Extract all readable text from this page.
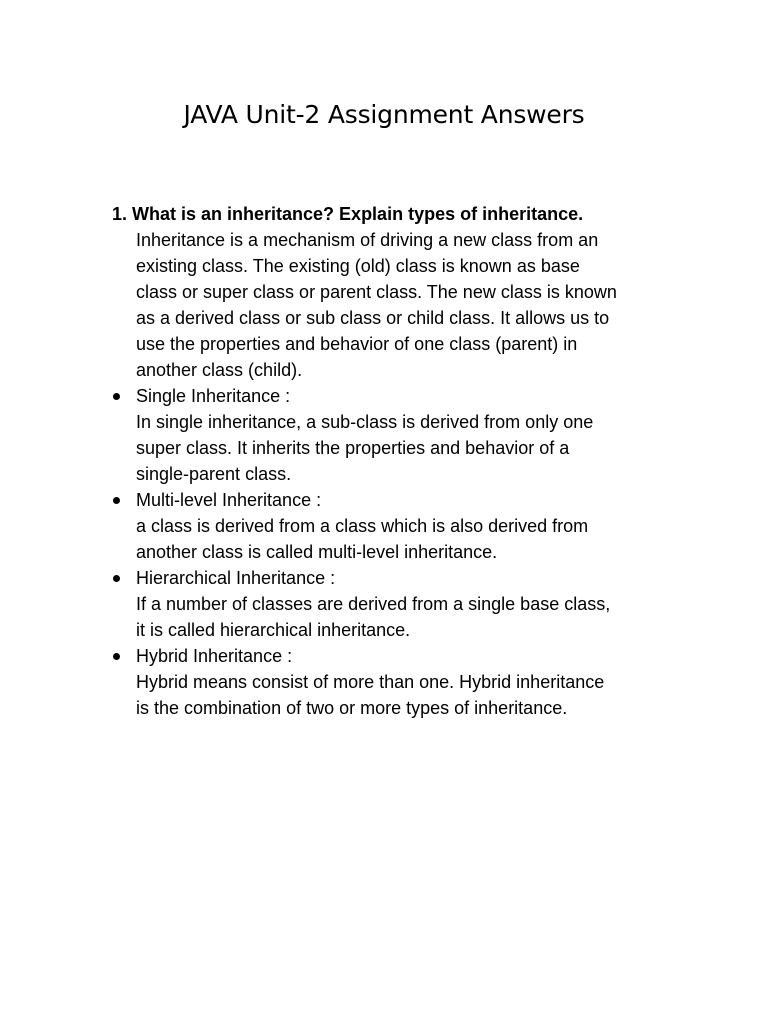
JAVA Unit-2 Assignment Answers
1. What is an inheritance? Explain types of inheritance.
Inheritance is a mechanism of driving a new class from an
existing class. The existing (old) class is known as base
class or super class or parent class. The new class is known
as a derived class or sub class or child class. It allows us to
use the properties and behavior of one class (parent) in
another class (child).
Single Inheritance :
In single inheritance, a sub-class is derived from only one
super class. It inherits the properties and behavior of a
single-parent class.
Multi-level Inheritance :
a class is derived from a class which is also derived from
another class is called multi-level inheritance.
Hierarchical Inheritance :
If a number of classes are derived from a single base class,
it is called hierarchical inheritance.
Hybrid Inheritance :
Hybrid means consist of more than one. Hybrid inheritance
is the combination of two or more types of inheritance.
